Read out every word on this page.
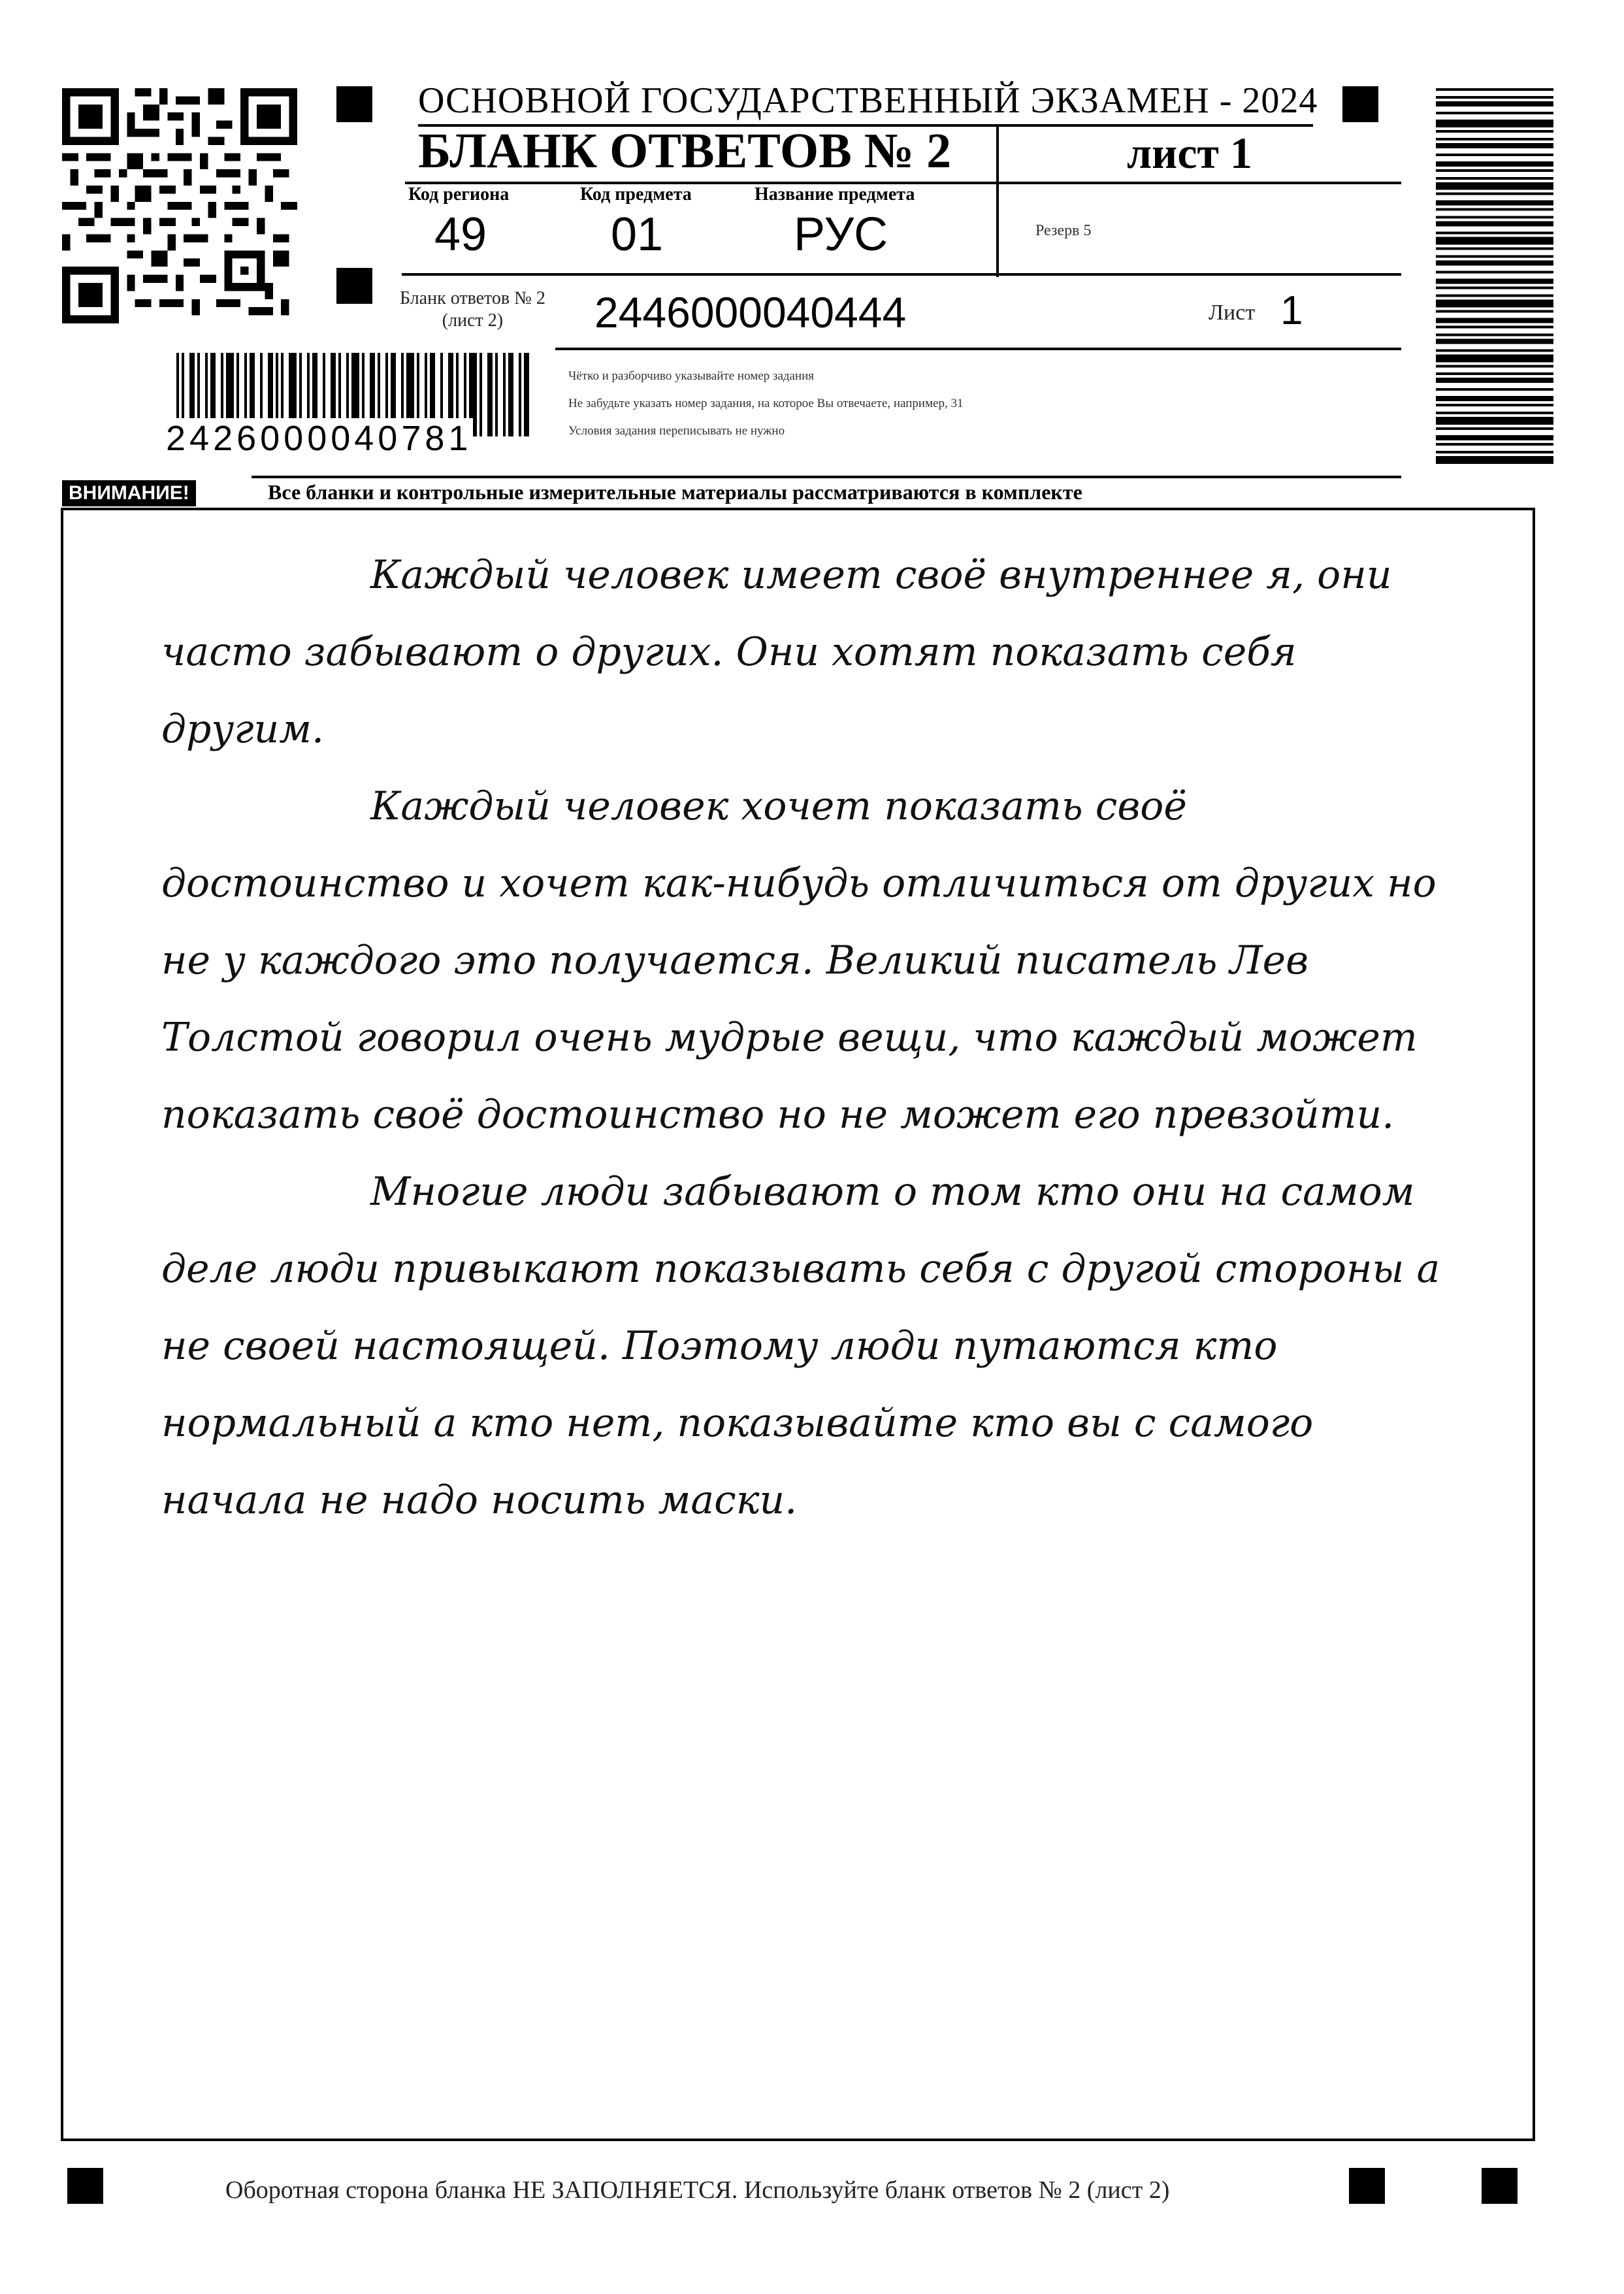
ОСНОВНОЙ ГОСУДАРСТВЕННЫЙ ЭКЗАМЕН - 2024
БЛАНК ОТВЕТОВ № 2	лист 1
Код региона	Код предмета	Название предмета
49	01	РУС	Резерв 5
Бланк ответов № 2
(лист 2)	2446000040444	Лист 1
Чётко и разборчиво указывайте номер задания
Не забудьте указать номер задания, на которое Вы отвечаете, например, 31
Условия задания переписывать не нужно
2426000040781
ВНИМАНИЕ!	Все бланки и контрольные измерительные материалы рассматриваются в комплекте

Каждый человек имеет своё внутреннее я, они часто забывают о других. Они хотят показать себя другим.

Каждый человек хочет показать своё достоинство и хочет как-нибудь отличиться от других но не у каждого это получается. Великий писатель Лев Толстой говорил очень мудрые вещи, что каждый может показать своё достоинство но не может его превзойти.

Многие люди забывают о том кто они на самом деле люди привыкают показывать себя с другой стороны а не своей настоящей. Поэтому люди путаются кто нормальный а кто нет, показывайте кто вы с самого начала не надо носить маски.

Оборотная сторона бланка НЕ ЗАПОЛНЯЕТСЯ. Используйте бланк ответов № 2 (лист 2)
